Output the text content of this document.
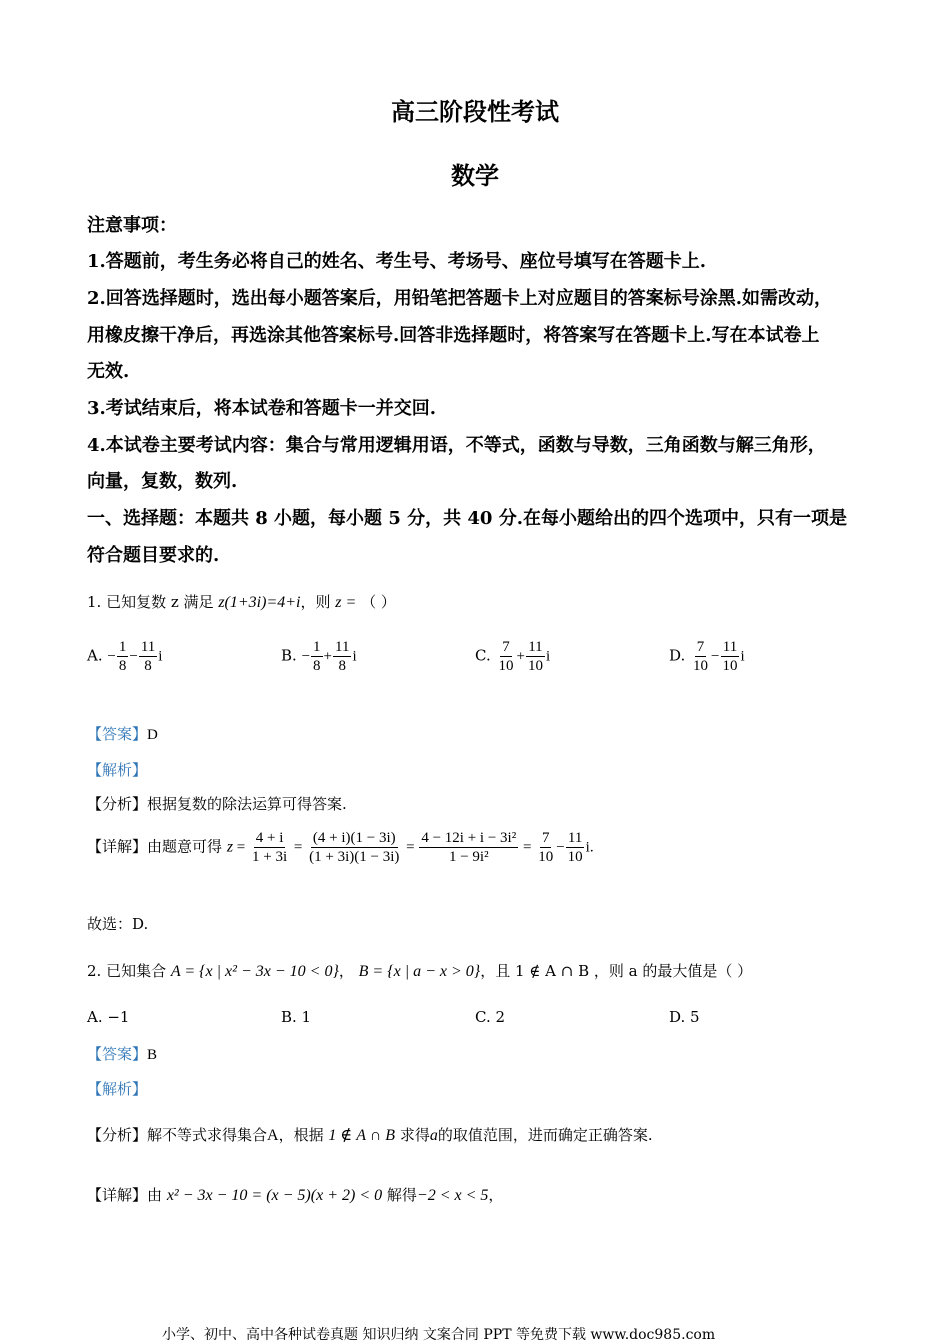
高三阶段性考试
数学
注意事项：
1.答题前，考生务必将自己的姓名、考生号、考场号、座位号填写在答题卡上.
2.回答选择题时，选出每小题答案后，用铅笔把答题卡上对应题目的答案标号涂黑.如需改动，
用橡皮擦干净后，再选涂其他答案标号.回答非选择题时，将答案写在答题卡上.写在本试卷上
无效.
3.考试结束后，将本试卷和答题卡一并交回.
4.本试卷主要考试内容：集合与常用逻辑用语，不等式，函数与导数，三角函数与解三角形，
向量，复数，数列.
一、选择题：本题共 8 小题，每小题 5 分，共 40 分.在每小题给出的四个选项中，只有一项是
符合题目要求的.
1. 已知复数 z 满足 z(1+3i)=4+i，则 z = （ ）
A. − $\frac{1}{8} - \frac{11}{8}$ i	B. − $\frac{1}{8} + \frac{11}{8}$ i	C. $\frac{7}{10} + \frac{11}{10}$ i	D. $\frac{7}{10} - \frac{11}{10}$ i
【答案】D
【解析】
【分析】根据复数的除法运算可得答案.
【详解】由题意可得 $z = \frac{4 + i}{1 + 3i} = \frac{(4 + i)(1 - 3i)}{(1 + 3i)(1 - 3i)} = \frac{\text{4 − 12i + i − 3i²}}{\text{1 − 9i²}} = \frac{7}{10} - \frac{11}{10} i$.
故选：D.
2. 已知集合 A = {x | x² − 3x − 10 < 0}， B = {x | a − x > 0}，且 1 ∉ A ∩ B ，则 a 的最大值是（ ）
A. −1	B. 1	C. 2	D. 5
【答案】B
【解析】
【分析】解不等式求得集合A，根据 1 ∉ A ∩ B 求得a的取值范围，进而确定正确答案.
【详解】由 x² − 3x − 10 = (x − 5)(x + 2) < 0 解得−2 < x < 5，
小学、初中、高中各种试卷真题 知识归纳 文案合同 PPT 等免费下载 www.doc985.com
